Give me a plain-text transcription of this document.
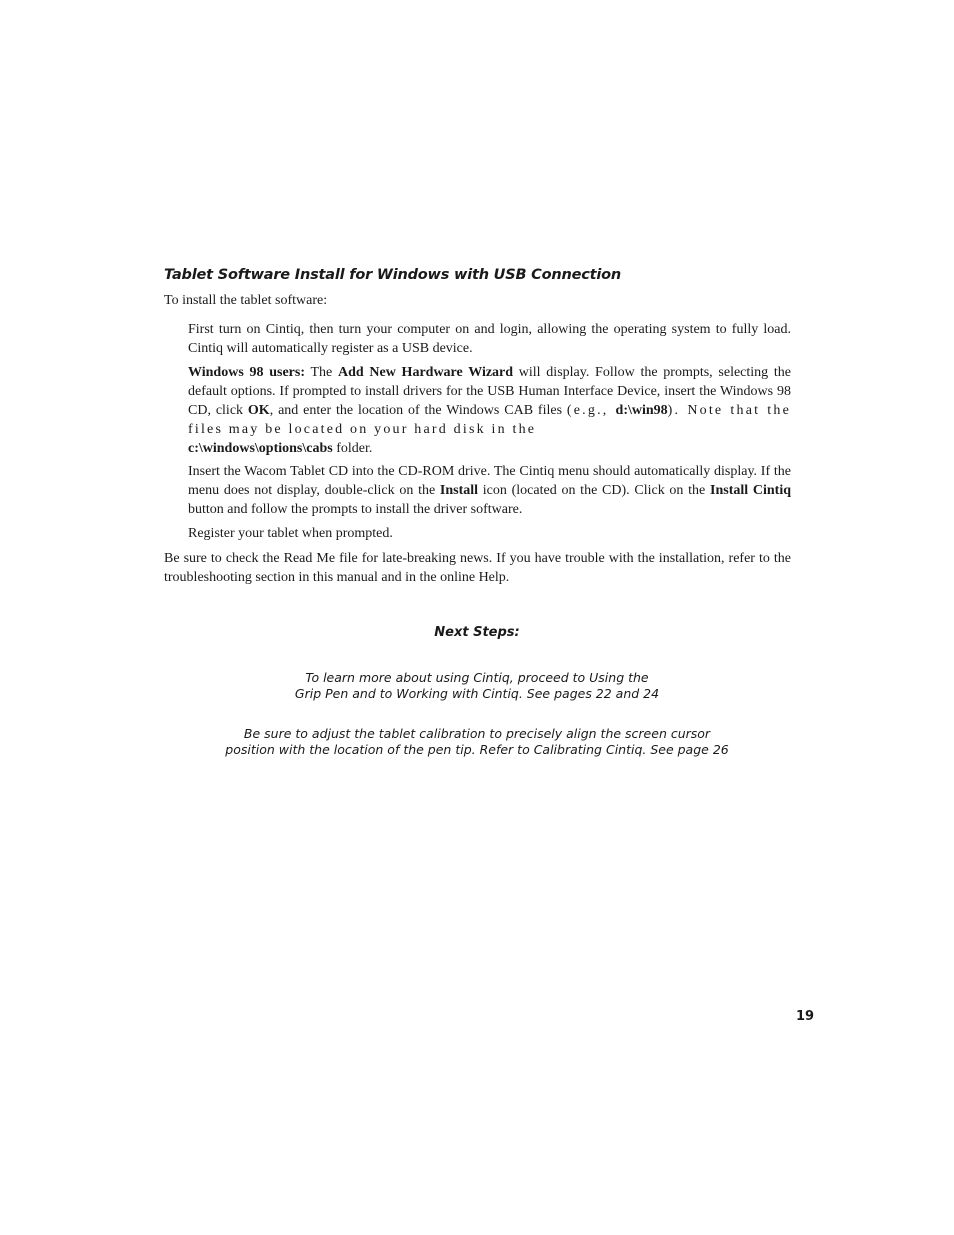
Tablet Software Install for Windows with USB Connection
To install the tablet software:
First turn on Cintiq, then turn your computer on and login, allowing the operating system to fully load. Cintiq will automatically register as a USB device.
Windows 98 users: The Add New Hardware Wizard will display. Follow the prompts, selecting the default options. If prompted to install drivers for the USB Human Interface Device, insert the Windows 98 CD, click OK, and enter the location of the Windows CAB files (e.g., d:\win98). Note that the files may be located on your hard disk in the
c:\windows\options\cabs folder.
Insert the Wacom Tablet CD into the CD-ROM drive. The Cintiq menu should automatically display. If the menu does not display, double-click on the Install icon (located on the CD). Click on the Install Cintiq button and follow the prompts to install the driver software.
Register your tablet when prompted.
Be sure to check the Read Me file for late-breaking news. If you have trouble with the installation, refer to the troubleshooting section in this manual and in the online Help.
Next Steps:
To learn more about using Cintiq, proceed to Using the
Grip Pen and to Working with Cintiq. See pages 22 and 24
Be sure to adjust the tablet calibration to precisely align the screen cursor
position with the location of the pen tip. Refer to Calibrating Cintiq. See page 26
19
